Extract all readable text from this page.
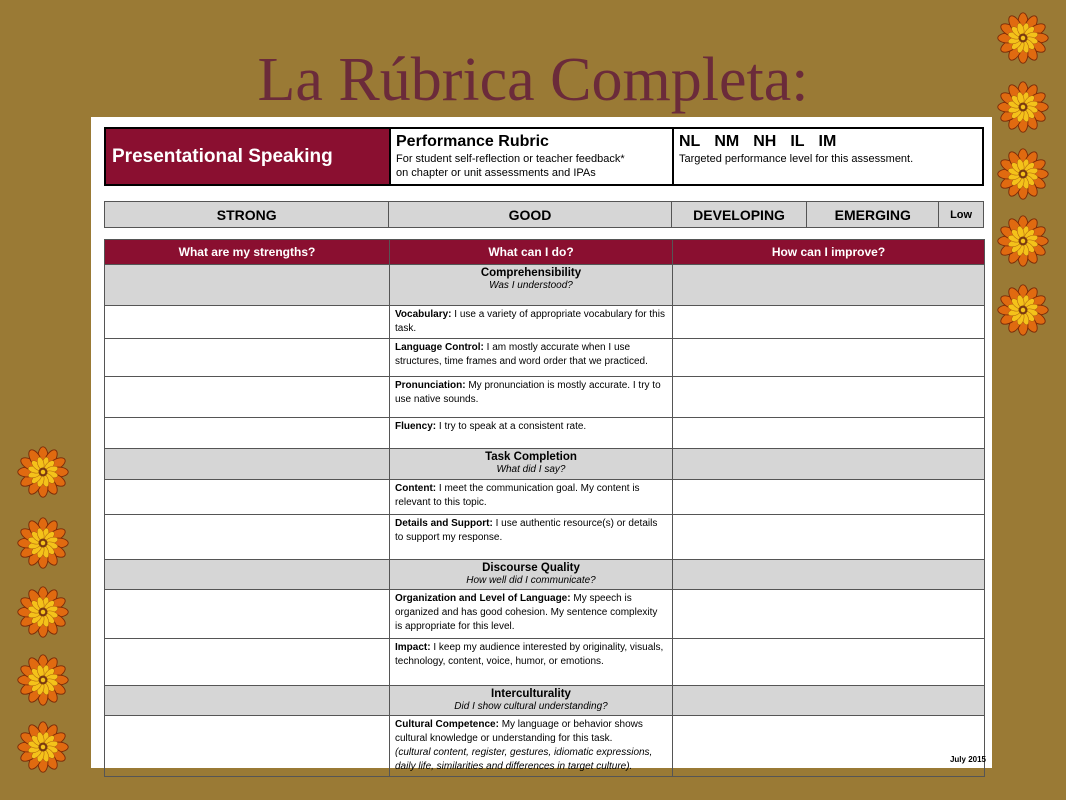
La Rúbrica Completa:
Presentational Speaking
Performance Rubric
For student self-reflection or teacher feedback*
on chapter or unit assessments and IPAs
NL NM NH IL IM
Targeted performance level for this assessment.
STRONG	GOOD	DEVELOPING	EMERGING	Low
What are my strengths?	What can I do?	How can I improve?

	Comprehensibility
Was I understood?	

	Vocabulary: I use a variety of appropriate vocabulary for this task.	
	Language Control: I am mostly accurate when I use structures, time frames and word order that we practiced.	
	Pronunciation: My pronunciation is mostly accurate. I try to use native sounds.	
	Fluency: I try to speak at a consistent rate.	

	Task Completion
What did I say?	

	Content: I meet the communication goal. My content is relevant to this topic.	
	Details and Support: I use authentic resource(s) or details to support my response.	

	Discourse Quality
How well did I communicate?	

	Organization and Level of Language: My speech is organized and has good cohesion. My sentence complexity is appropriate for this level.	
	Impact: I keep my audience interested by originality, visuals, technology, content, voice, humor, or emotions.	

	Interculturality
Did I show cultural understanding?	

	Cultural Competence: My language or behavior shows cultural knowledge or understanding for this task.
(cultural content, register, gestures, idiomatic expressions, daily life, similarities and differences in target culture).	
July 2015
